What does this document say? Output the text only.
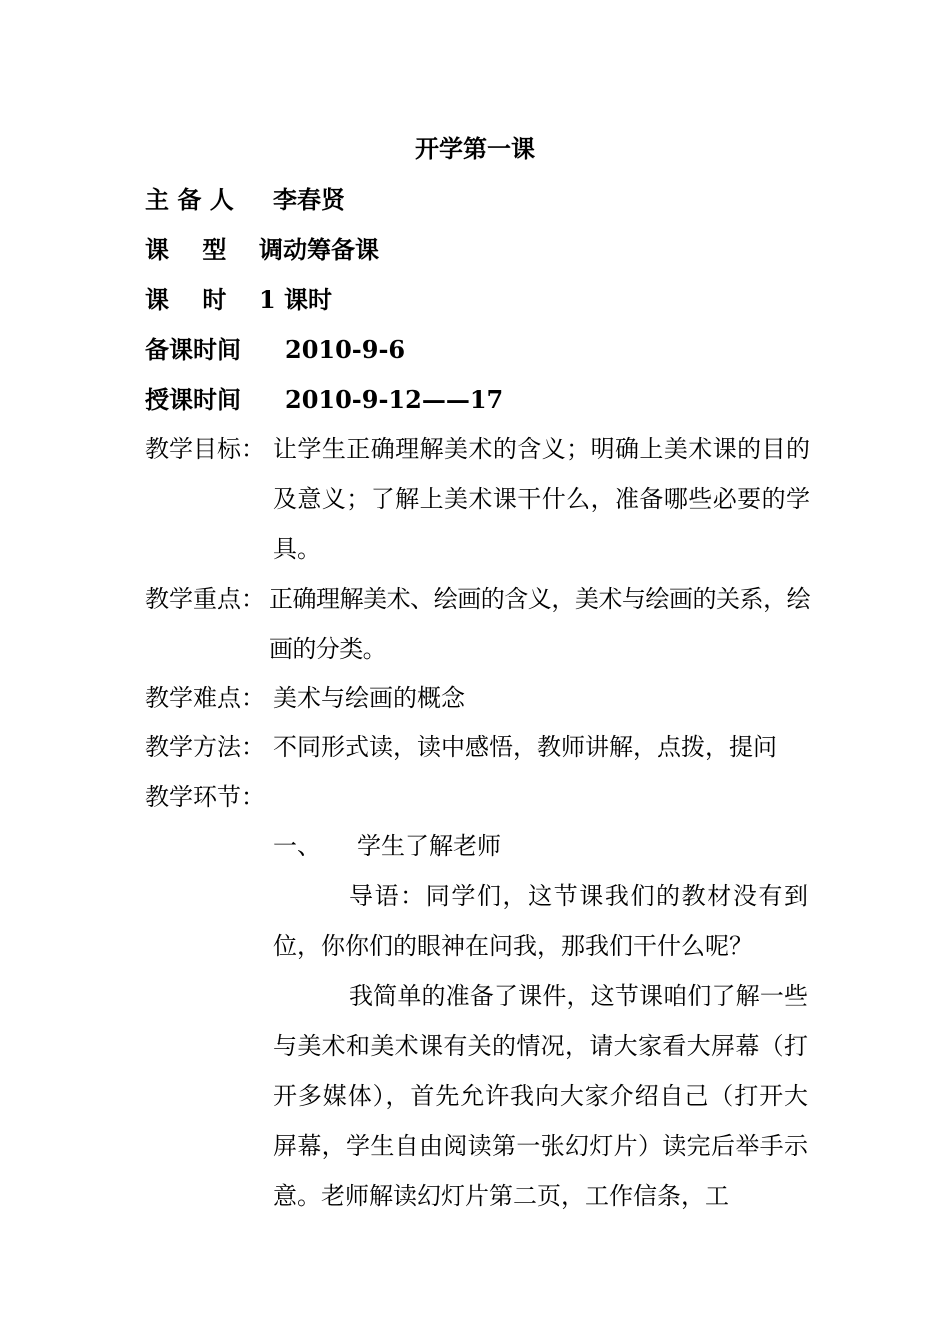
开学第一课
主 备 人 李春贤
课    型 调动筹备课
课    时 1 课时
备课时间 2010-9-6
授课时间 2010-9-12——17
教学目标： 让学生正确理解美术的含义；明确上美术课的目的及意义；了解上美术课干什么，准备哪些必要的学具。
教学重点： 正确理解美术、绘画的含义，美术与绘画的关系，绘画的分类。
教学难点： 美术与绘画的概念
教学方法： 不同形式读，读中感悟，教师讲解，点拨，提问
教学环节：
一、 学生了解老师
导语：同学们，这节课我们的教材没有到位，你你们的眼神在问我，那我们干什么呢？
我简单的准备了课件，这节课咱们了解一些与美术和美术课有关的情况，请大家看大屏幕（打开多媒体），首先允许我向大家介绍自己（打开大屏幕，学生自由阅读第一张幻灯片）读完后举手示意。老师解读幻灯片第二页，工作信条，工
